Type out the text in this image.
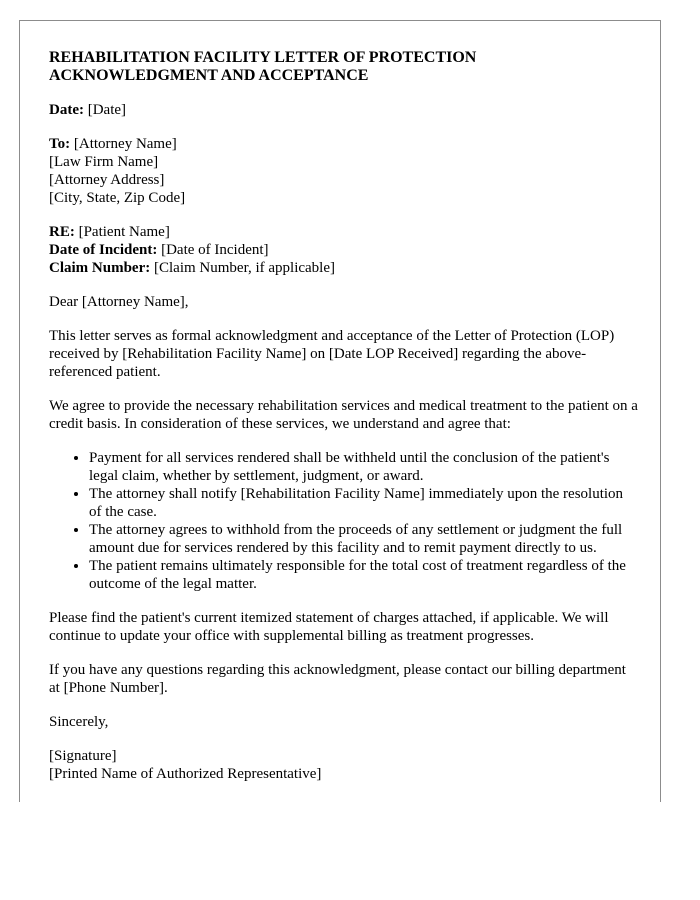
REHABILITATION FACILITY LETTER OF PROTECTION ACKNOWLEDGMENT AND ACCEPTANCE
Date: [Date]
To: [Attorney Name]
[Law Firm Name]
[Attorney Address]
[City, State, Zip Code]
RE: [Patient Name]
Date of Incident: [Date of Incident]
Claim Number: [Claim Number, if applicable]

Dear [Attorney Name],

This letter serves as formal acknowledgment and acceptance of the Letter of Protection (LOP) received by [Rehabilitation Facility Name] on [Date LOP Received] regarding the above-referenced patient.

We agree to provide the necessary rehabilitation services and medical treatment to the patient on a credit basis. In consideration of these services, we understand and agree that:

• Payment for all services rendered shall be withheld until the conclusion of the patient's legal claim, whether by settlement, judgment, or award.
• The attorney shall notify [Rehabilitation Facility Name] immediately upon the resolution of the case.
• The attorney agrees to withhold from the proceeds of any settlement or judgment the full amount due for services rendered by this facility and to remit payment directly to us.
• The patient remains ultimately responsible for the total cost of treatment regardless of the outcome of the legal matter.

Please find the patient's current itemized statement of charges attached, if applicable. We will continue to update your office with supplemental billing as treatment progresses.

If you have any questions regarding this acknowledgment, please contact our billing department at [Phone Number].

Sincerely,

[Signature]
[Printed Name of Authorized Representative]
